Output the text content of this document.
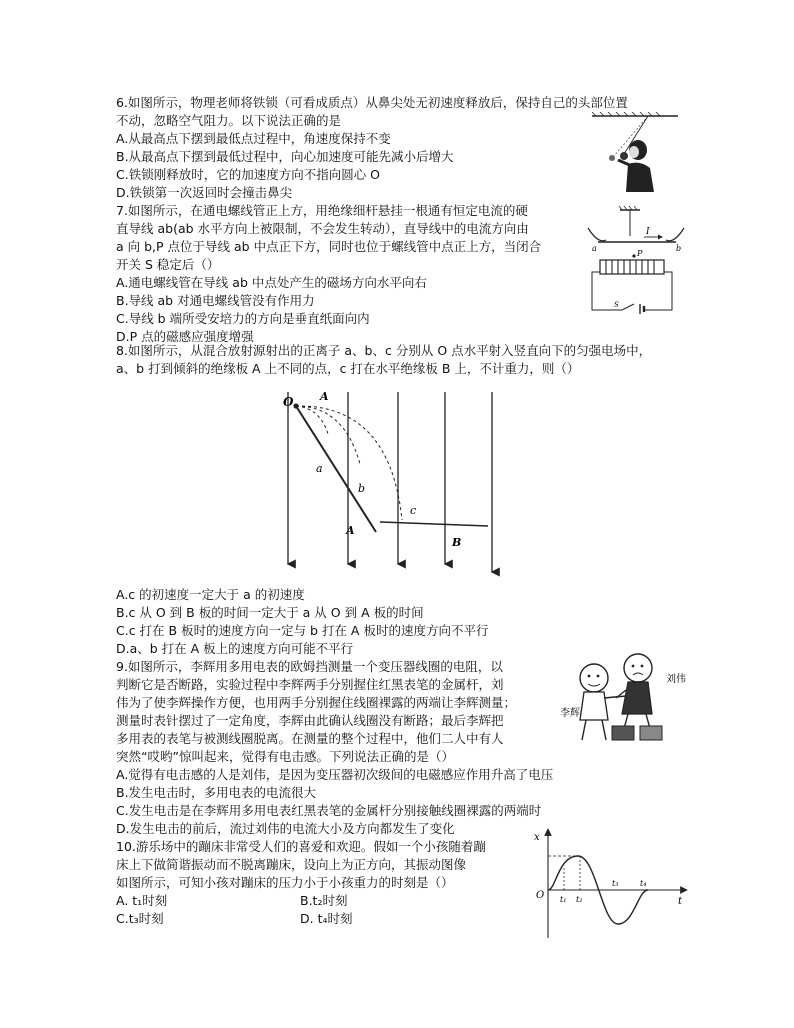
6.如图所示，物理老师将铁锁（可看成质点）从鼻尖处无初速度释放后，保持自己的头部位置
不动，忽略空气阻力。以下说法正确的是
A.从最高点下摆到最低点过程中，角速度保持不变
B.从最高点下摆到最低过程中，向心加速度可能先减小后增大
C.铁锁刚释放时，它的加速度方向不指向圆心 O
D.铁锁第一次返回时会撞击鼻尖
7.如图所示，在通电螺线管正上方，用绝缘细杆悬挂一根通有恒定电流的硬
直导线 ab(ab 水平方向上被限制，不会发生转动），直导线中的电流方向由
a 向 b,P 点位于导线 ab 中点正下方，同时也位于螺线管中点正上方，当闭合
开关 S 稳定后（）
A.通电螺线管在导线 ab 中点处产生的磁场方向水平向右
B.导线 ab 对通电螺线管没有作用力
C.导线 b 端所受安培力的方向是垂直纸面向内
D.P 点的磁感应强度增强
I
a	b
P
S
8.如图所示，从混合放射源射出的正离子 a、b、c 分别从 O 点水平射入竖直向下的匀强电场中，
a、b 打到倾斜的绝缘板 A 上不同的点，c 打在水平绝缘板 B 上，不计重力，则（）
O A
a
b
A
c
B
A.c 的初速度一定大于 a 的初速度
B.c 从 O 到 B 板的时间一定大于 a 从 O 到 A 板的时间
C.c 打在 B 板时的速度方向一定与 b 打在 A 板时的速度方向不平行
D.a、b 打在 A 板上的速度方向可能不平行
9.如图所示，李辉用多用电表的欧姆挡测量一个变压器线圈的电阻，以
判断它是否断路，实验过程中李辉两手分别握住红黑表笔的金属杆，刘
伟为了使李辉操作方便，也用两手分别握住线圈裸露的两端让李辉测量；
测量时表针摆过了一定角度，李辉由此确认线圈没有断路；最后李辉把
多用表的表笔与被测线圈脱离。在测量的整个过程中，他们二人中有人
突然“哎哟”惊叫起来，觉得有电击感。下列说法正确的是（）
A.觉得有电击感的人是刘伟，是因为变压器初次级间的电磁感应作用升高了电压
B.发生电击时，多用电表的电流很大
C.发生电击是在李辉用多用电表红黑表笔的金属杆分别接触线圈裸露的两端时
D.发生电击的前后，流过刘伟的电流大小及方向都发生了变化
李辉
刘伟
10.游乐场中的蹦床非常受人们的喜爱和欢迎。假如一个小孩随着蹦
床上下做简谐振动而不脱离蹦床，设向上为正方向，其振动图像
如图所示，可知小孩对蹦床的压力小于小孩重力的时刻是（）
A. t₁时刻	B.t₂时刻
C.t₃时刻	D. t₄时刻
x
O
t
t₁ t₂
t₃	t₄
